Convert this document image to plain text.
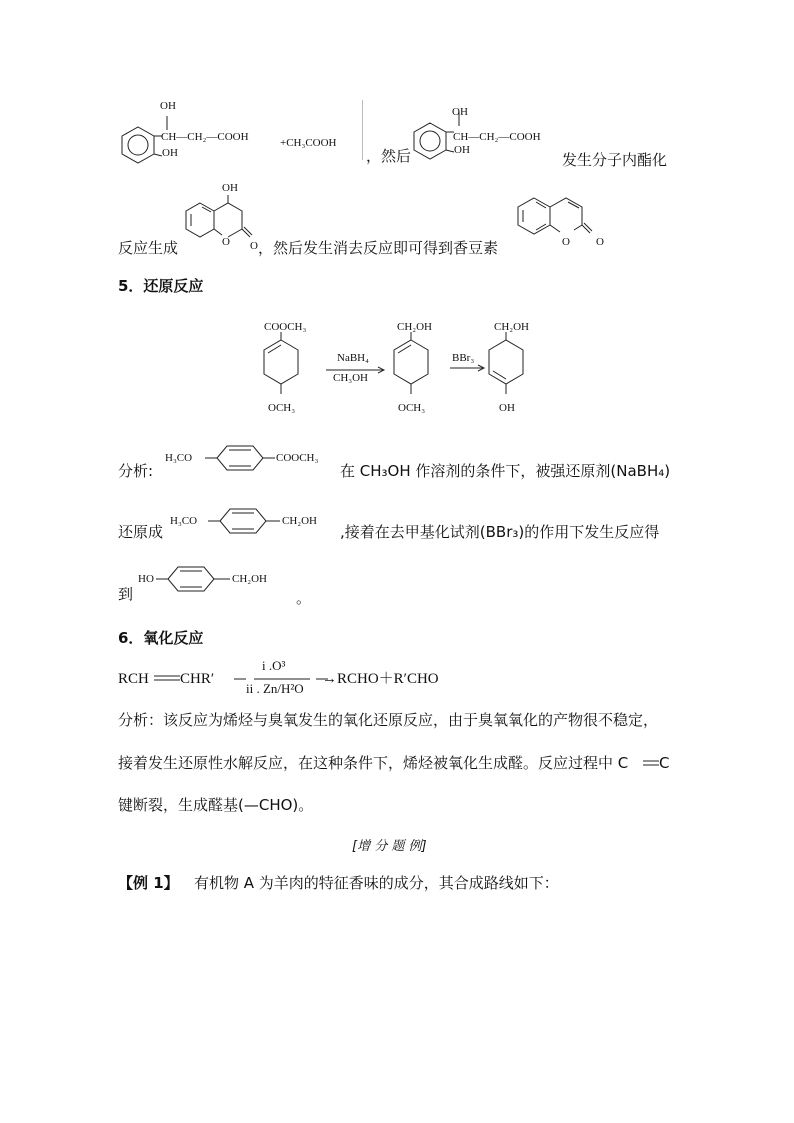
OH
CH—CH₂—COOH
OH
+CH₃COOH
，然后
OH
CH—CH₂—COOH
OH
发生分子内酯化
反应生成
OH
O O ，然后发生消去反应即可得到香豆素	O O
5．还原反应
COOCH₃
OCH₃
NaBH₄
CH₃OH
CH₂OH
OCH₃
BBr₃
CH₂OH
OH
分析:
H₃CO	COOCH₃
在 CH₃OH 作溶剂的条件下，被强还原剂(NaBH₄)
还原成
H₃CO	CH₂OH
,接着在去甲基化试剂(BBr₃)的作用下发生反应得
到
HO	CH₂OH
。
6．氧化反应
RCH CHR′
i .O³
ii . Zn/H²O
→RCHO＋R′CHO
分析：该反应为烯烃与臭氧发生的氧化还原反应，由于臭氧氧化的产物很不稳定，
接着发生还原性水解反应，在这种条件下，烯烃被氧化生成醛。反应过程中 C C
键断裂，生成醛基(—CHO)。
[增 分 题 例]
【例 1】 有机物 A 为羊肉的特征香味的成分，其合成路线如下：
